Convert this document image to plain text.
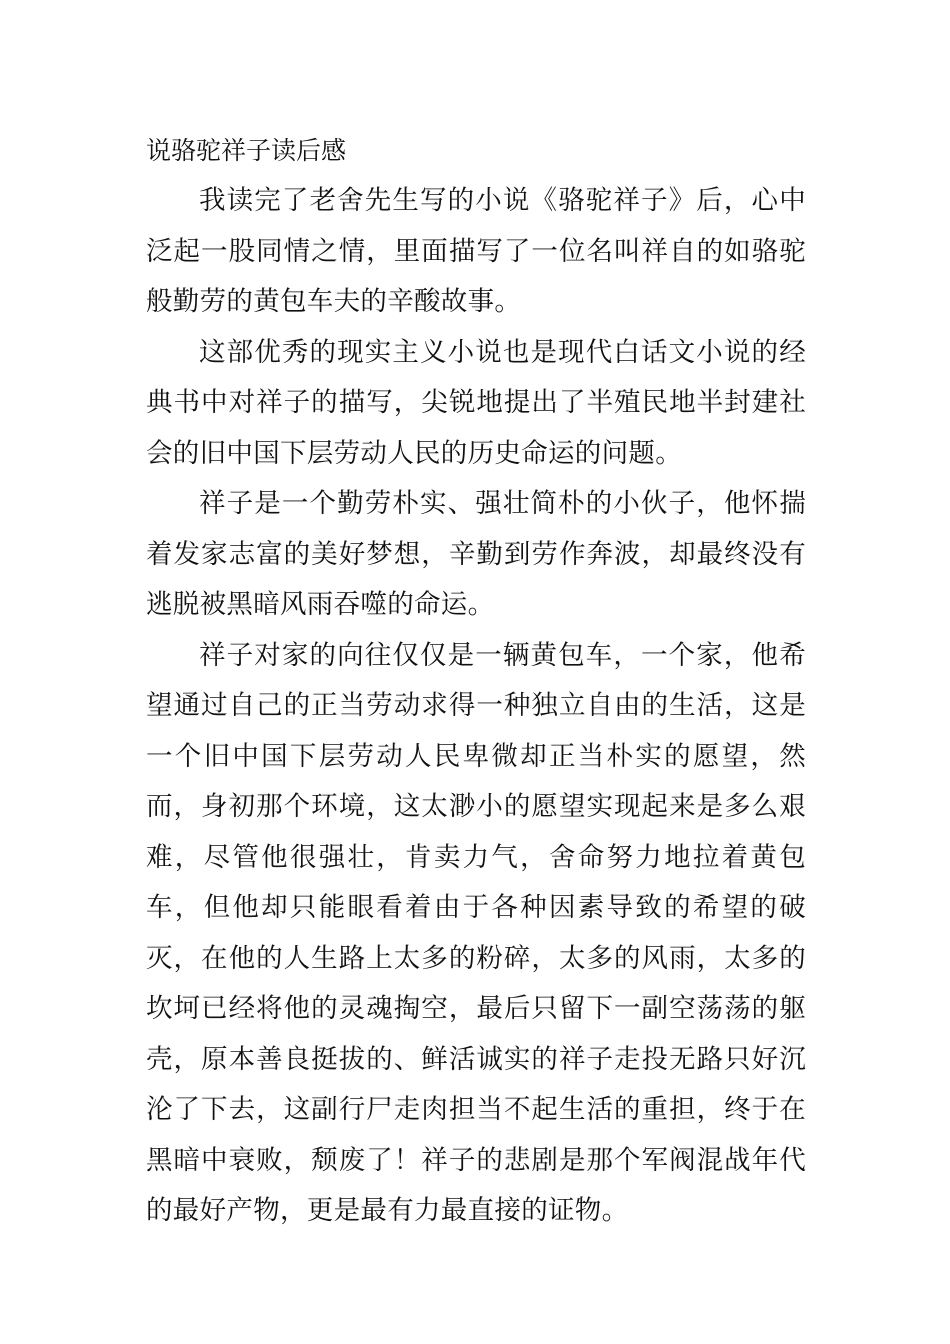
说骆驼祥子读后感

我读完了老舍先生写的小说《骆驼祥子》后，心中泛起一股同情之情，里面描写了一位名叫祥自的如骆驼般勤劳的黄包车夫的辛酸故事。

这部优秀的现实主义小说也是现代白话文小说的经典书中对祥子的描写，尖锐地提出了半殖民地半封建社会的旧中国下层劳动人民的历史命运的问题。

祥子是一个勤劳朴实、强壮简朴的小伙子，他怀揣着发家志富的美好梦想，辛勤到劳作奔波，却最终没有逃脱被黑暗风雨吞噬的命运。

祥子对家的向往仅仅是一辆黄包车，一个家，他希望通过自己的正当劳动求得一种独立自由的生活，这是一个旧中国下层劳动人民卑微却正当朴实的愿望，然而，身初那个环境，这太渺小的愿望实现起来是多么艰难，尽管他很强壮，肯卖力气，舍命努力地拉着黄包车，但他却只能眼看着由于各种因素导致的希望的破灭，在他的人生路上太多的粉碎，太多的风雨，太多的坎坷已经将他的灵魂掏空，最后只留下一副空荡荡的躯壳，原本善良挺拔的、鲜活诚实的祥子走投无路只好沉沦了下去，这副行尸走肉担当不起生活的重担，终于在黑暗中衰败，颓废了！祥子的悲剧是那个军阀混战年代的最好产物，更是最有力最直接的证物。
